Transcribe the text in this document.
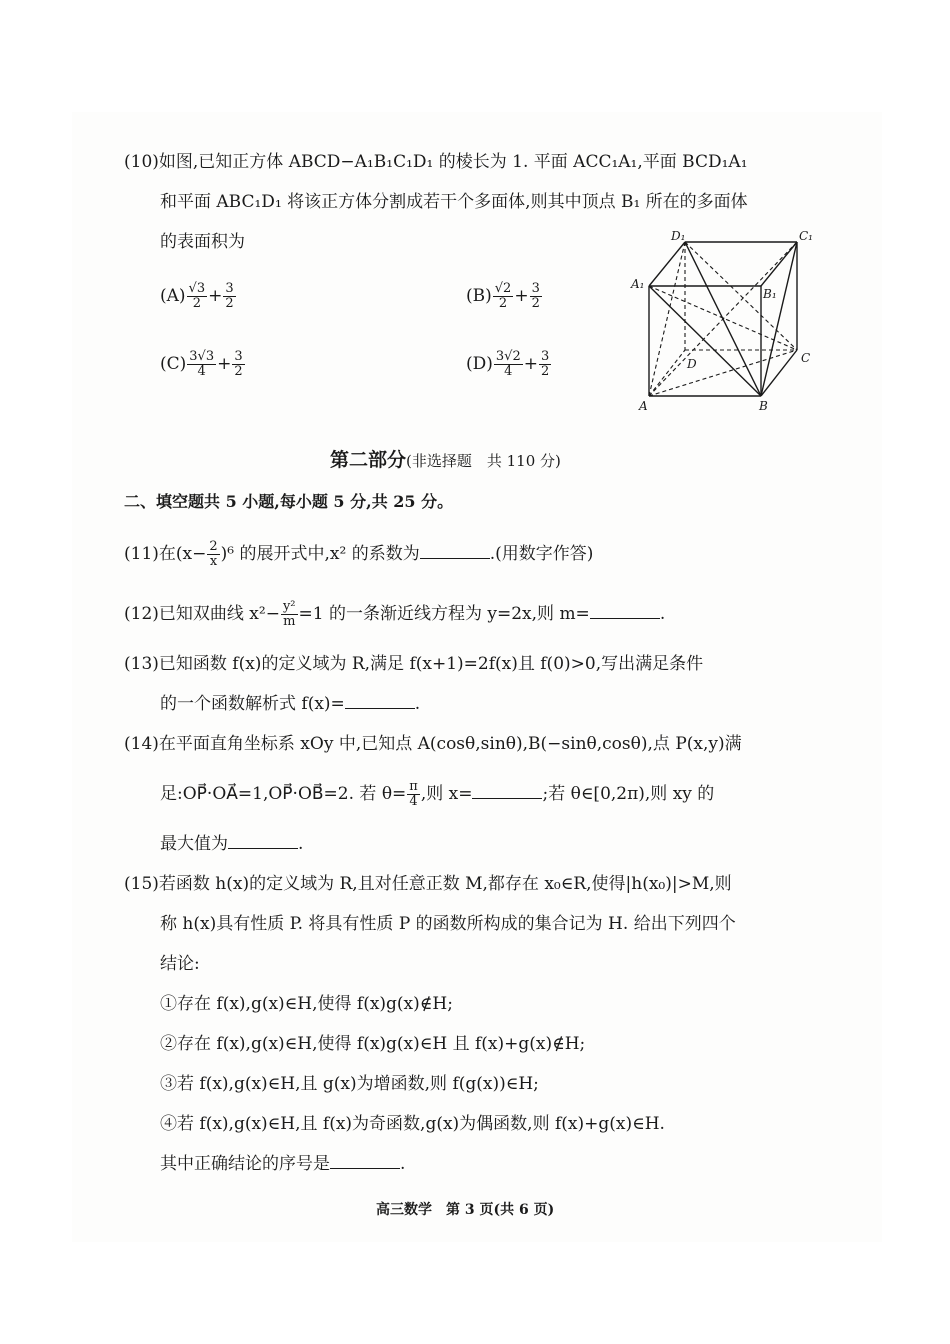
(10)如图,已知正方体 ABCD−A₁B₁C₁D₁ 的棱长为 1. 平面 ACC₁A₁,平面 BCD₁A₁
和平面 ABC₁D₁ 将该正方体分割成若干个多面体,则其中顶点 B₁ 所在的多面体
的表面积为
$(A) \frac{√3}{2} + \frac{3}{2}$	$(B) \frac{√2}{2} + \frac{3}{2}$
$(C) \frac{3√3}{4} + \frac{3}{2}$	$(D) \frac{3√2}{4} + \frac{3}{2}$
D₁	C₁
A₁
B₁
D	C
A	B
第二部分(非选择题　共 110 分)
二、填空题共 5 小题,每小题 5 分,共 25 分。
(11)在$(x- \frac{2}{x} )^6$ 的展开式中,x² 的系数为	.(用数字作答)
(12)已知双曲线 $x^2- \frac{\text{y²}}{m} =1$ 的一条渐近线方程为 y=2x,则 m=	.
(13)已知函数 f(x)的定义域为 R,满足 f(x+1)=2f(x)且 f(0)>0,写出满足条件
的一个函数解析式 f(x)=	.
(14)在平面直角坐标系 xOy 中,已知点 A(cosθ,sinθ),B(−sinθ,cosθ),点 P(x,y)满
足:OP⃗·OA⃗=1,OP⃗·OB⃗=2. 若 $\theta= \frac{\pi}{4}$ ,则 x=	;若 θ∈[0,2π),则 xy 的
最大值为	.
(15)若函数 h(x)的定义域为 R,且对任意正数 M,都存在 x₀∈R,使得|h(x₀)|>M,则
称 h(x)具有性质 P. 将具有性质 P 的函数所构成的集合记为 H. 给出下列四个
结论:
①存在 f(x),g(x)∈H,使得 f(x)g(x)∉H;
②存在 f(x),g(x)∈H,使得 f(x)g(x)∈H 且 f(x)+g(x)∉H;
③若 f(x),g(x)∈H,且 g(x)为增函数,则 f(g(x))∈H;
④若 f(x),g(x)∈H,且 f(x)为奇函数,g(x)为偶函数,则 f(x)+g(x)∈H.
其中正确结论的序号是	.
高三数学　第 3 页(共 6 页)
